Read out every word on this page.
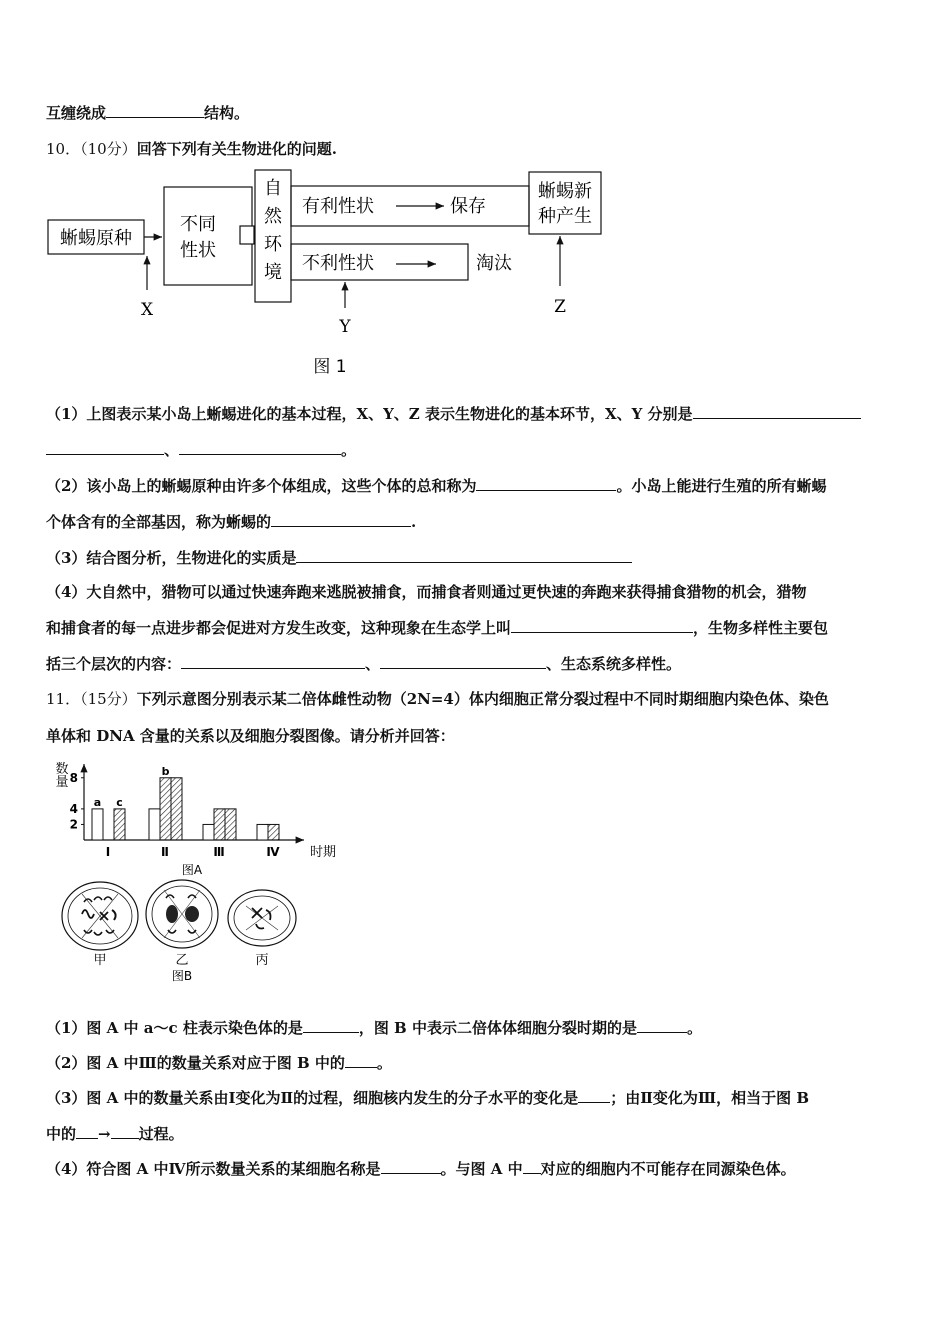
互缠绕成	结构。
10．（10分）回答下列有关生物进化的问题.
蜥蜴原种
不同
性状
自
然
环
境
有利性状	保存
蜥蜴新
种产生
不利性状	淘汰
X
Y
Z
图 1
（1）上图表示某小岛上蜥蜴进化的基本过程，X、Y、Z 表示生物进化的基本环节，X、Y 分别是
、	。
（2）该小岛上的蜥蜴原种由许多个体组成，这些个体的总和称为	。小岛上能进行生殖的所有蜥蜴
个体含有的全部基因，称为蜥蜴的	.
（3）结合图分析，生物进化的实质是
（4）大自然中，猎物可以通过快速奔跑来逃脱被捕食，而捕食者则通过更快速的奔跑来获得捕食猎物的机会，猎物
和捕食者的每一点进步都会促进对方发生改变，这种现象在生态学上叫	，生物多样性主要包
括三个层次的内容：	、	、生态系统多样性。
11．（15分）下列示意图分别表示某二倍体雌性动物（2N=4）体内细胞正常分裂过程中不同时期细胞内染色体、染色
单体和 DNA 含量的关系以及细胞分裂图像。请分析并回答：
数
量
2
4
8
a c
Ⅰ
b
Ⅱ	Ⅲ	Ⅳ 时期
图A
甲	乙	丙
图B
（1）图 A 中 a～c 柱表示染色体的是	，图 B 中表示二倍体体细胞分裂时期的是	。
（2）图 A 中Ⅲ的数量关系对应于图 B 中的 。
（3）图 A 中的数量关系由Ⅰ变化为Ⅱ的过程，细胞核内发生的分子水平的变化是 ；由Ⅱ变化为Ⅲ，相当于图 B
中的 → 过程。
（4）符合图 A 中Ⅳ所示数量关系的某细胞名称是	。与图 A 中 对应的细胞内不可能存在同源染色体。
